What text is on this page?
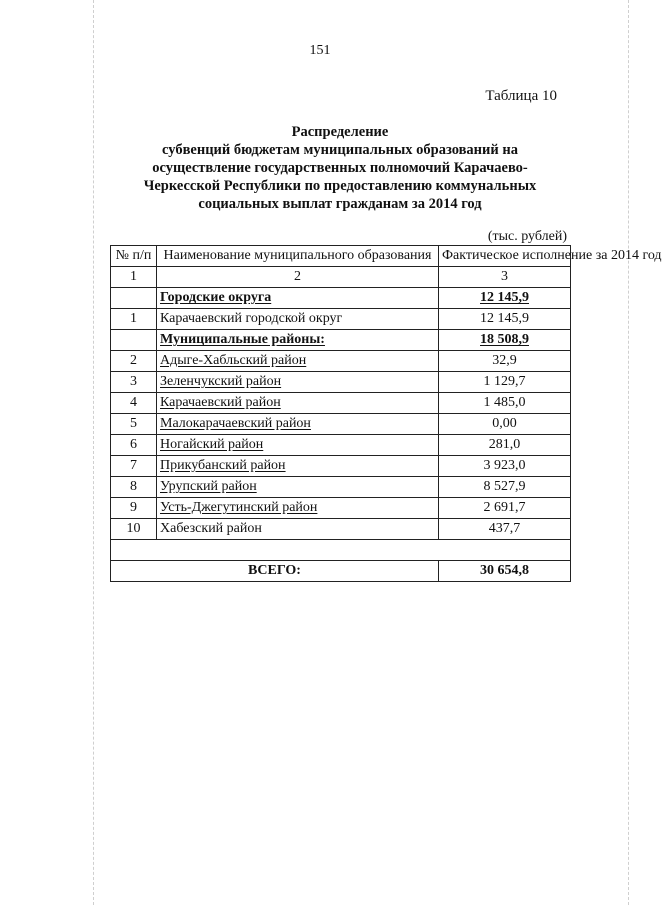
151
Таблица 10
Распределение
субвенций бюджетам муниципальных образований на
осуществление государственных полномочий Карачаево-
Черкесской Республики по предоставлению коммунальных
социальных выплат гражданам за 2014 год
(тыс. рублей)
№ п/п	Наименование муниципального образования	Фактическое исполнение за 2014 год
1	2	3
	Городские округа	12 145,9
1	Карачаевский городской округ	12 145,9
	Муниципальные районы:	18 508,9
2	Адыге-Хабльский район	32,9
3	Зеленчукский район	1 129,7
4	Карачаевский район	1 485,0
5	Малокарачаевский район	0,00
6	Ногайский район	281,0
7	Прикубанский район	3 923,0
8	Урупский район	8 527,9
9	Усть-Джегутинский район	2 691,7
10	Хабезский район	437,7

ВСЕГО:		30 654,8
